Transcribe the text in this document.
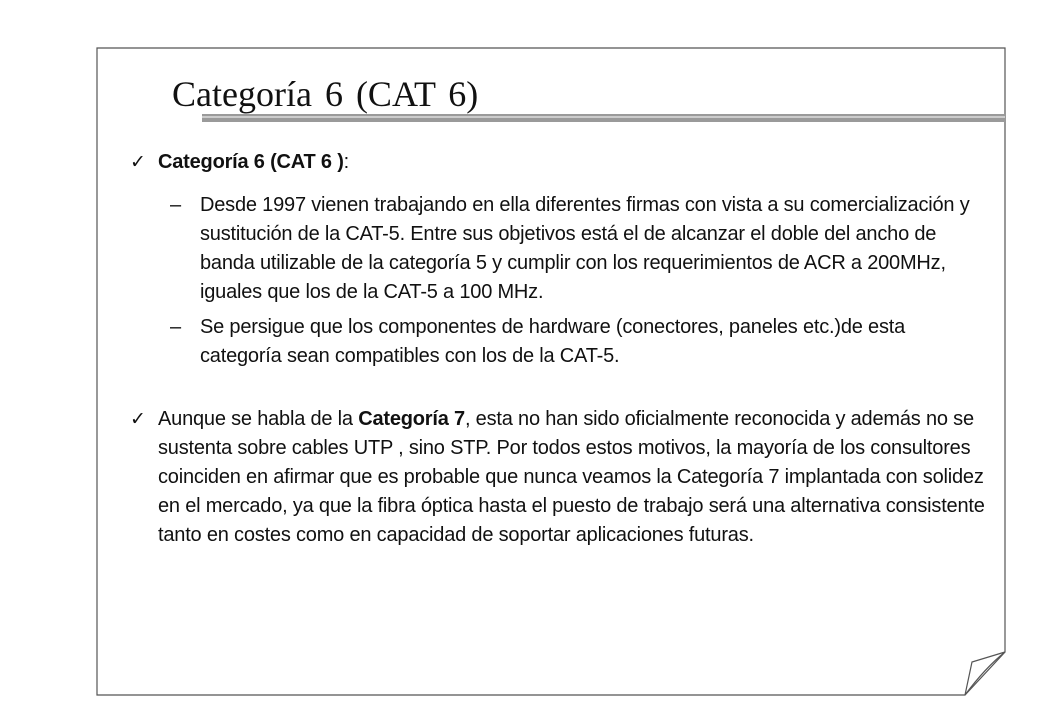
Categoría 6 (CAT 6)
✓ Categoría 6 (CAT 6 ):
– Desde 1997 vienen trabajando en ella diferentes firmas con vista a su comercialización y sustitución de la CAT-5. Entre sus objetivos está el de alcanzar el doble del ancho de banda utilizable de la categoría 5 y cumplir con los requerimientos de ACR a 200MHz, iguales que los de la CAT-5 a 100 MHz.
– Se persigue que los componentes de hardware (conectores, paneles etc.)de esta categoría sean compatibles con los de la CAT-5.
✓ Aunque se habla de la Categoría 7, esta no han sido oficialmente reconocida y además no se sustenta sobre cables UTP , sino STP. Por todos estos motivos, la mayoría de los consultores coinciden en afirmar que es probable que nunca veamos la Categoría 7 implantada con solidez en el mercado, ya que la fibra óptica hasta el puesto de trabajo será una alternativa consistente tanto en costes como en capacidad de soportar aplicaciones futuras.
